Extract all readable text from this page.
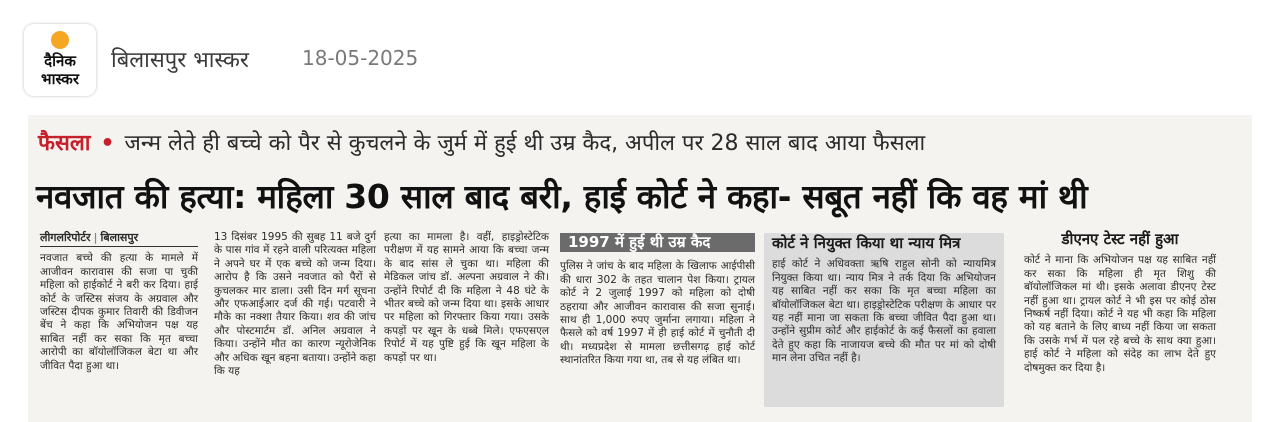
दैनिक
भास्कर
बिलासपुर भास्कर	18-05-2025
फैसला • जन्म लेते ही बच्चे को पैर से कुचलने के जुर्म में हुई थी उम्र कैद, अपील पर 28 साल बाद आया फैसला
नवजात की हत्या: महिला 30 साल बाद बरी, हाई कोर्ट ने कहा- सबूत नहीं कि वह मां थी
लीगलरिपोर्टर | बिलासपुर

नवजात बच्चे की हत्या के मामले में आजीवन कारावास की सजा पा चुकी महिला को हाईकोर्ट ने बरी कर दिया। हाई कोर्ट के जस्टिस संजय के अग्रवाल और जस्टिस दीपक कुमार तिवारी की डिवीजन बेंच ने कहा कि अभियोजन पक्ष यह साबित नहीं कर सका कि मृत बच्चा आरोपी का बॉयोलॉजिकल बेटा था और जीवित पैदा हुआ था।

13 दिसंबर 1995 की सुबह 11 बजे दुर्ग के पास गांव में रहने वाली परित्यक्त महिला ने अपने घर में एक बच्चे को जन्म दिया। आरोप है कि उसने नवजात को पैरों से कुचलकर मार डाला। उसी दिन मर्ग सूचना और एफआईआर दर्ज की गई। पटवारी ने मौके का नक्शा तैयार किया। शव की जांच और पोस्टमार्टम डॉ. अनिल अग्रवाल ने किया। उन्होंने मौत का कारण न्यूरोजेनिक और अधिक खून बहना बताया। उन्होंने कहा कि यह

हत्या का मामला है। वहीं, हाइड्रोस्टेटिक परीक्षण में यह सामने आया कि बच्चा जन्म के बाद सांस ले चुका था। महिला की मेडिकल जांच डॉ. अल्पना अग्रवाल ने की। उन्होंने रिपोर्ट दी कि महिला ने 48 घंटे के भीतर बच्चे को जन्म दिया था। इसके आधार पर महिला को गिरफ्तार किया गया। उसके कपड़ों पर खून के धब्बे मिले। एफएसएल रिपोर्ट में यह पुष्टि हुई कि खून महिला के कपड़ों पर था।

1997 में हुई थी उम्र कैद

पुलिस ने जांच के बाद महिला के खिलाफ आईपीसी की धारा 302 के तहत चालान पेश किया। ट्रायल कोर्ट ने 2 जुलाई 1997 को महिला को दोषी ठहराया और आजीवन कारावास की सजा सुनाई। साथ ही 1,000 रुपए जुर्माना लगाया। महिला ने फैसले को वर्ष 1997 में ही हाई कोर्ट में चुनौती दी थी। मध्यप्रदेश से मामला छत्तीसगढ़ हाई कोर्ट स्थानांतरित किया गया था, तब से यह लंबित था।

कोर्ट ने नियुक्त किया था न्याय मित्र

हाई कोर्ट ने अधिवक्ता ऋषि राहुल सोनी को न्यायमित्र नियुक्त किया था। न्याय मित्र ने तर्क दिया कि अभियोजन यह साबित नहीं कर सका कि मृत बच्चा महिला का बॉयोलॉजिकल बेटा था। हाइड्रोस्टेटिक परीक्षण के आधार पर यह नहीं माना जा सकता कि बच्चा जीवित पैदा हुआ था। उन्होंने सुप्रीम कोर्ट और हाईकोर्ट के कई फैसलों का हवाला देते हुए कहा कि नाजायज बच्चे की मौत पर मां को दोषी मान लेना उचित नहीं है।

डीएनए टेस्ट नहीं हुआ

कोर्ट ने माना कि अभियोजन पक्ष यह साबित नहीं कर सका कि महिला ही मृत शिशु की बॉयोलॉजिकल मां थी। इसके अलावा डीएनए टेस्ट नहीं हुआ था। ट्रायल कोर्ट ने भी इस पर कोई ठोस निष्कर्ष नहीं दिया। कोर्ट ने यह भी कहा कि महिला को यह बताने के लिए बाध्य नहीं किया जा सकता कि उसके गर्भ में पल रहे बच्चे के साथ क्या हुआ। हाई कोर्ट ने महिला को संदेह का लाभ देते हुए दोषमुक्त कर दिया है।
